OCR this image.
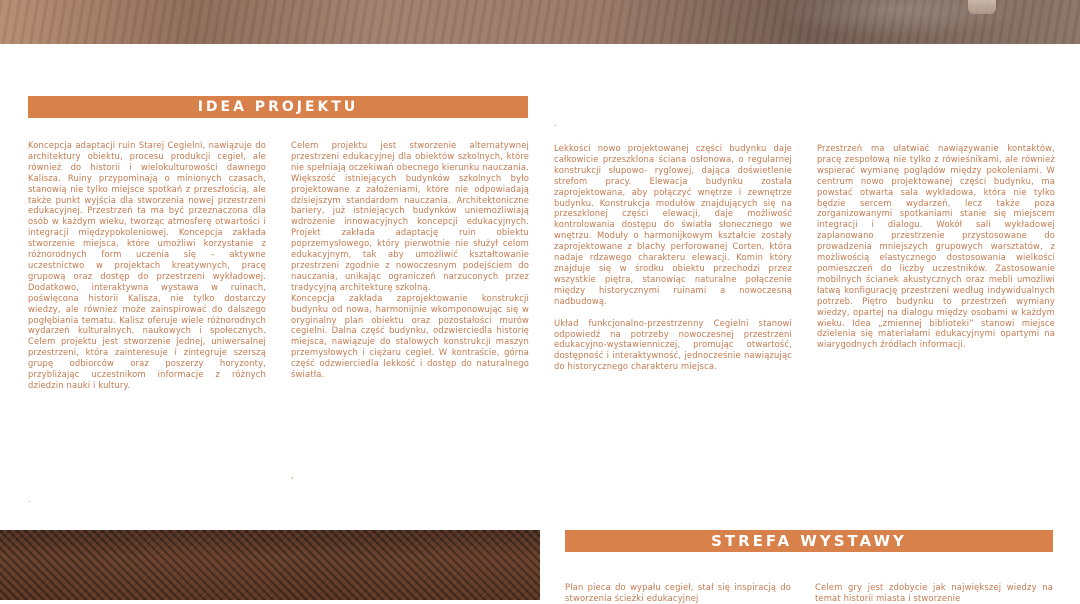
IDEA PROJEKTU

Koncepcja adaptacji ruin Starej Cegielni, nawiązuje do architektury obiektu, procesu produkcji cegieł, ale również do historii i wielokulturowości dawnego Kalisza. Ruiny przypominają o minionych czasach, stanowią nie tylko miejsce spotkań z przeszłością, ale także punkt wyjścia dla stworzenia nowej przestrzeni edukacyjnej. Przestrzeń ta ma być przeznaczona dla osób w każdym wieku, tworząc atmosferę otwartości i integracji międzypokoleniowej. Koncepcja zakłada stworzenie miejsca, które umożliwi korzystanie z różnorodnych form uczenia się – aktywne uczestnictwo w projektach kreatywnych, pracę grupową oraz dostęp do przestrzeni wykładowej. Dodatkowo, interaktywna wystawa w ruinach, poświęcona historii Kalisza, nie tylko dostarczy wiedzy, ale również może zainspirować do dalszego pogłębiania tematu. Kalisz oferuje wiele różnorodnych wydarzeń kulturalnych, naukowych i społecznych. Celem projektu jest stworzenie jednej, uniwersalnej przestrzeni, która zainteresuje i zintegruje szerszą grupę odbiorców oraz poszerzy horyzonty, przybliżając uczestnikom informacje z różnych dziedzin nauki i kultury.

Celem projektu jest stworzenie alternatywnej przestrzeni edukacyjnej dla obiektów szkolnych, które nie spełniają oczekiwań obecnego kierunku nauczania. Większość istniejących budynków szkolnych było projektowane z założeniami, które nie odpowiadają dzisiejszym standardom nauczania. Architektoniczne bariery, już istniejących budynków uniemożliwiają wdrożenie innowacyjnych koncepcji edukacyjnych. Projekt zakłada adaptację ruin obiektu poprzemysłowego, który pierwotnie nie służył celom edukacyjnym, tak aby umożliwić kształtowanie przestrzeni zgodnie z nowoczesnym podejściem do nauczania, unikając ograniczeń narzuconych przez tradycyjną architekturę szkolną.

Koncepcja zakłada zaprojektowanie konstrukcji budynku od nowa, harmonijnie wkomponowując się w oryginalny plan obiektu oraz pozostałości murów cegielni. Dalna część budynku, odzwierciedla historię miejsca, nawiązuje do stalowych konstrukcji maszyn przemysłowych i ciężaru cegieł. W kontraście, górna część odzwierciedla lekkość i dostęp do naturalnego światła.

Lekkości nowo projektowanej części budynku daje całkowicie przeszklona ściana osłonowa, o regularnej konstrukcji słupowo- ryglowej, dająca doświetlenie strefom pracy. Elewacja budynku została zaprojektowana, aby połączyć wnętrze i zewnętrze budynku. Konstrukcja modułów znajdujących się na przeszklonej części elewacji, daje możliwość kontrolowania dostępu do światła słonecznego we wnętrzu. Moduły o harmonijkowym kształcie zostały zaprojektowane z blachy perforowanej Corten, która nadaje rdzawego charakteru elewacji. Komin który znajduje się w środku obiektu przechodzi przez wszystkie piętra, stanowiąc naturalne połączenie między historycznymi ruinami a nowoczesną nadbudową.

Układ funkcjonalno-przestrzenny Cegielni stanowi odpowiedź na potrzeby nowoczesnej przestrzeni edukacyjno-wystawienniczej, promując otwartość, dostępność i interaktywność, jednocześnie nawiązując do historycznego charakteru miejsca.

Przestrzeń ma ułatwiać nawiązywanie kontaktów, pracę zespołową nie tylko z rówieśnikami, ale również wspierać wymianę poglądów między pokoleniami. W centrum nowo projektowanej części budynku, ma powstać otwarta sala wykładowa, która nie tylko będzie sercem wydarzeń, lecz także poza zorganizowanymi spotkaniami stanie się miejscem integracji i dialogu. Wokół sali wykładowej zaplanowano przestrzenie przystosowane do prowadzenia mniejszych grupowych warsztatów, z możliwością elastycznego dostosowania wielkości pomieszczeń do liczby uczestników. Zastosowanie mobilnych ścianek akustycznych oraz mebli umożliwi łatwą konfigurację przestrzeni według indywidualnych potrzeb. Piętro budynku to przestrzeń wymiany wiedzy, opartej na dialogu między osobami w każdym wieku. Idea „zmiennej biblioteki” stanowi miejsce dzielenia się materiałami edukacyjnymi opartymi na wiarygodnych źródłach informacji.

.
,
.
STREFA WYSTAWY

Plan pieca do wypału cegieł, stał się inspiracją do stworzenia ścieżki edukacyjnej

Celem gry jest zdobycie jak największej wiedzy na temat historii miasta i stworzenie
